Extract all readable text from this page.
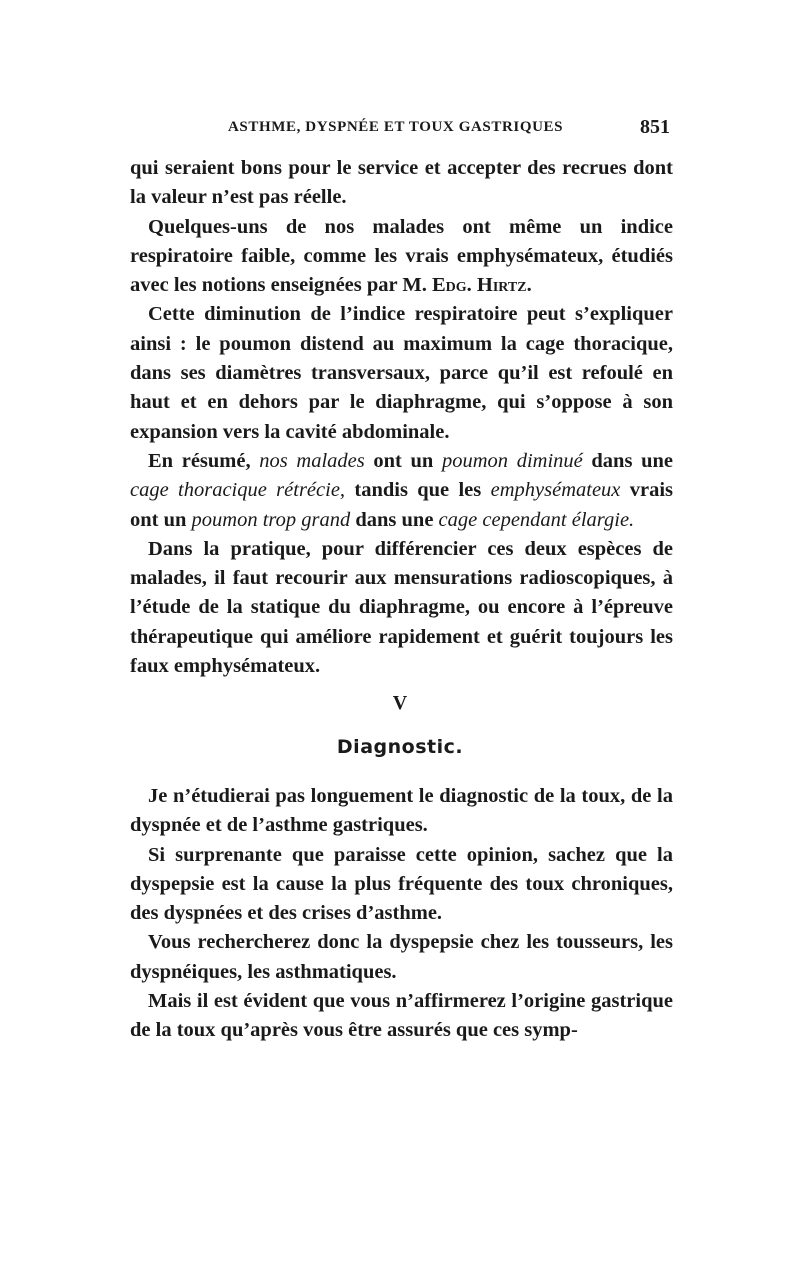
ASTHME, DYSPNÉE ET TOUX GASTRIQUES	851

qui seraient bons pour le service et accepter des recrues dont la valeur n’est pas réelle.

Quelques-uns de nos malades ont même un indice respiratoire faible, comme les vrais emphysémateux, étudiés avec les notions enseignées par M. Edg. Hirtz.

Cette diminution de l’indice respiratoire peut s’expliquer ainsi : le poumon distend au maximum la cage thoracique, dans ses diamètres transversaux, parce qu’il est refoulé en haut et en dehors par le diaphragme, qui s’oppose à son expansion vers la cavité abdominale.

En résumé, nos malades ont un poumon diminué dans une cage thoracique rétrécie, tandis que les emphysémateux vrais ont un poumon trop grand dans une cage cependant élargie.

Dans la pratique, pour différencier ces deux espèces de malades, il faut recourir aux mensurations radioscopiques, à l’étude de la statique du diaphragme, ou encore à l’épreuve thérapeutique qui améliore rapidement et guérit toujours les faux emphysémateux.

V
Diagnostic.

Je n’étudierai pas longuement le diagnostic de la toux, de la dyspnée et de l’asthme gastriques.

Si surprenante que paraisse cette opinion, sachez que la dyspepsie est la cause la plus fréquente des toux chroniques, des dyspnées et des crises d’asthme.

Vous rechercherez donc la dyspepsie chez les tousseurs, les dyspnéiques, les asthmatiques.

Mais il est évident que vous n’affirmerez l’origine gastrique de la toux qu’après vous être assurés que ces symp-
